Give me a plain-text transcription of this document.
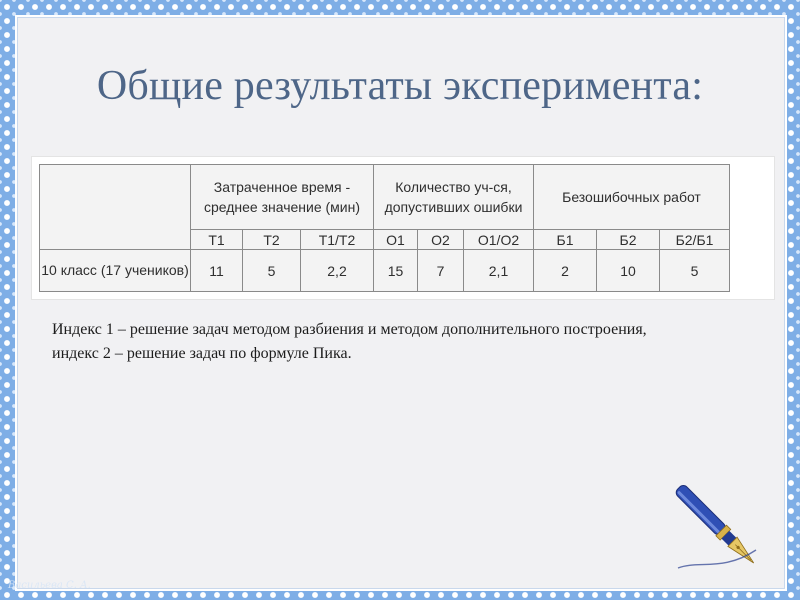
Общие результаты эксперимента:
	Затраченное время - среднее значение (мин)			Количество уч-ся, допустивших ошибки			Безошибочных работ		
	Т1	Т2	Т1/Т2	О1	О2	О1/О2	Б1	Б2	Б2/Б1
10 класс (17 учеников)	11	5	2,2	15	7	2,1	2	10	5

Индекс 1 – решение задач методом разбиения и методом дополнительного построения,

индекс 2 – решение задач по формуле Пика.

Васильева С. А.
